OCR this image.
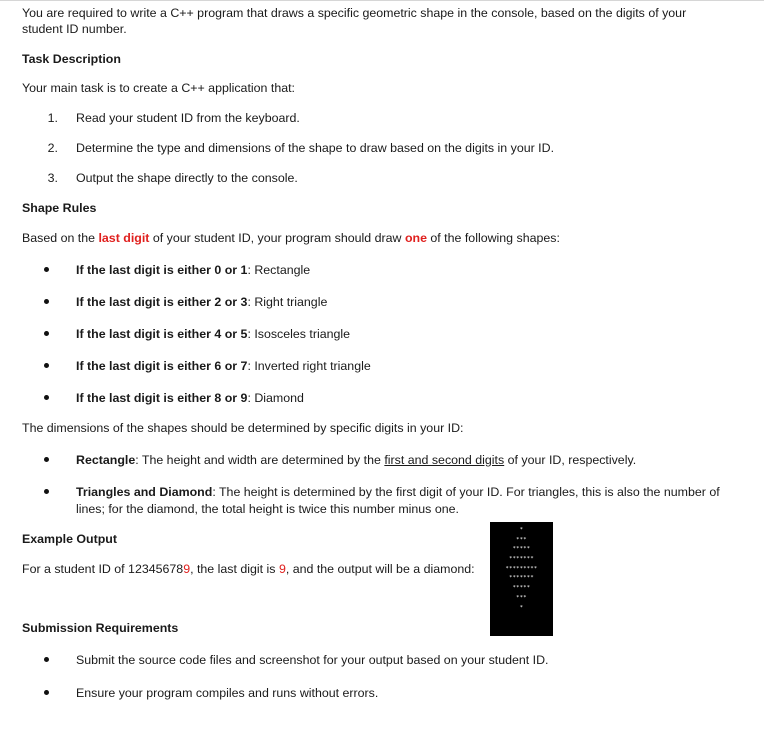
You are required to write a C++ program that draws a specific geometric shape in the console, based on the digits of your
student ID number.
Task Description
Your main task is to create a C++ application that:
1. Read your student ID from the keyboard.
2. Determine the type and dimensions of the shape to draw based on the digits in your ID.
3. Output the shape directly to the console.
Shape Rules
Based on the last digit of your student ID, your program should draw one of the following shapes:
If the last digit is either 0 or 1: Rectangle
If the last digit is either 2 or 3: Right triangle
If the last digit is either 4 or 5: Isosceles triangle
If the last digit is either 6 or 7: Inverted right triangle
If the last digit is either 8 or 9: Diamond
The dimensions of the shapes should be determined by specific digits in your ID:
Rectangle: The height and width are determined by the first and second digits of your ID, respectively.
Triangles and Diamond: The height is determined by the first digit of your ID. For triangles, this is also the number of
lines; for the diamond, the total height is twice this number minus one.
Example Output
For a student ID of 123456789, the last digit is 9, and the output will be a diamond:
*
***
*****
*******
*********
*******
*****
***
*
Submission Requirements
Submit the source code files and screenshot for your output based on your student ID.
Ensure your program compiles and runs without errors.
